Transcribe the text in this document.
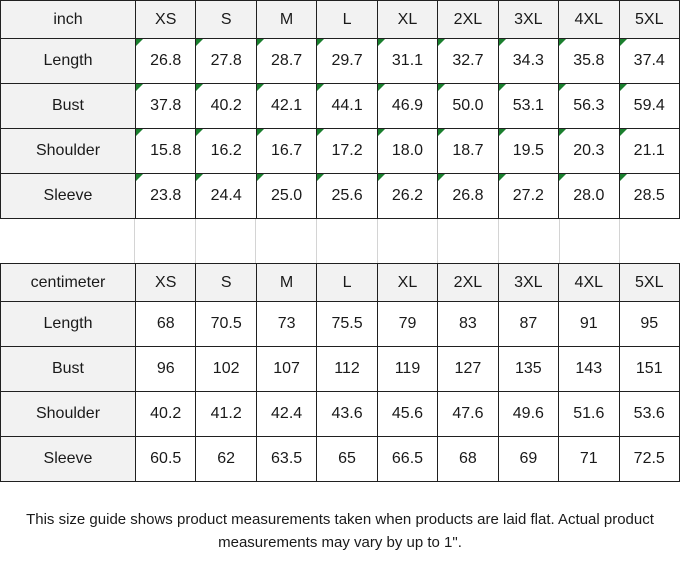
inch	XS	S	M	L	XL	2XL	3XL	4XL	5XL
Length	26.8	27.8	28.7	29.7	31.1	32.7	34.3	35.8	37.4
Bust	37.8	40.2	42.1	44.1	46.9	50.0	53.1	56.3	59.4
Shoulder	15.8	16.2	16.7	17.2	18.0	18.7	19.5	20.3	21.1
Sleeve	23.8	24.4	25.0	25.6	26.2	26.8	27.2	28.0	28.5
centimeter	XS	S	M	L	XL	2XL	3XL	4XL	5XL
Length	68	70.5	73	75.5	79	83	87	91	95
Bust	96	102	107	112	119	127	135	143	151
Shoulder	40.2	41.2	42.4	43.6	45.6	47.6	49.6	51.6	53.6
Sleeve	60.5	62	63.5	65	66.5	68	69	71	72.5

This size guide shows product measurements taken when products are laid flat. Actual product measurements may vary by up to 1".
